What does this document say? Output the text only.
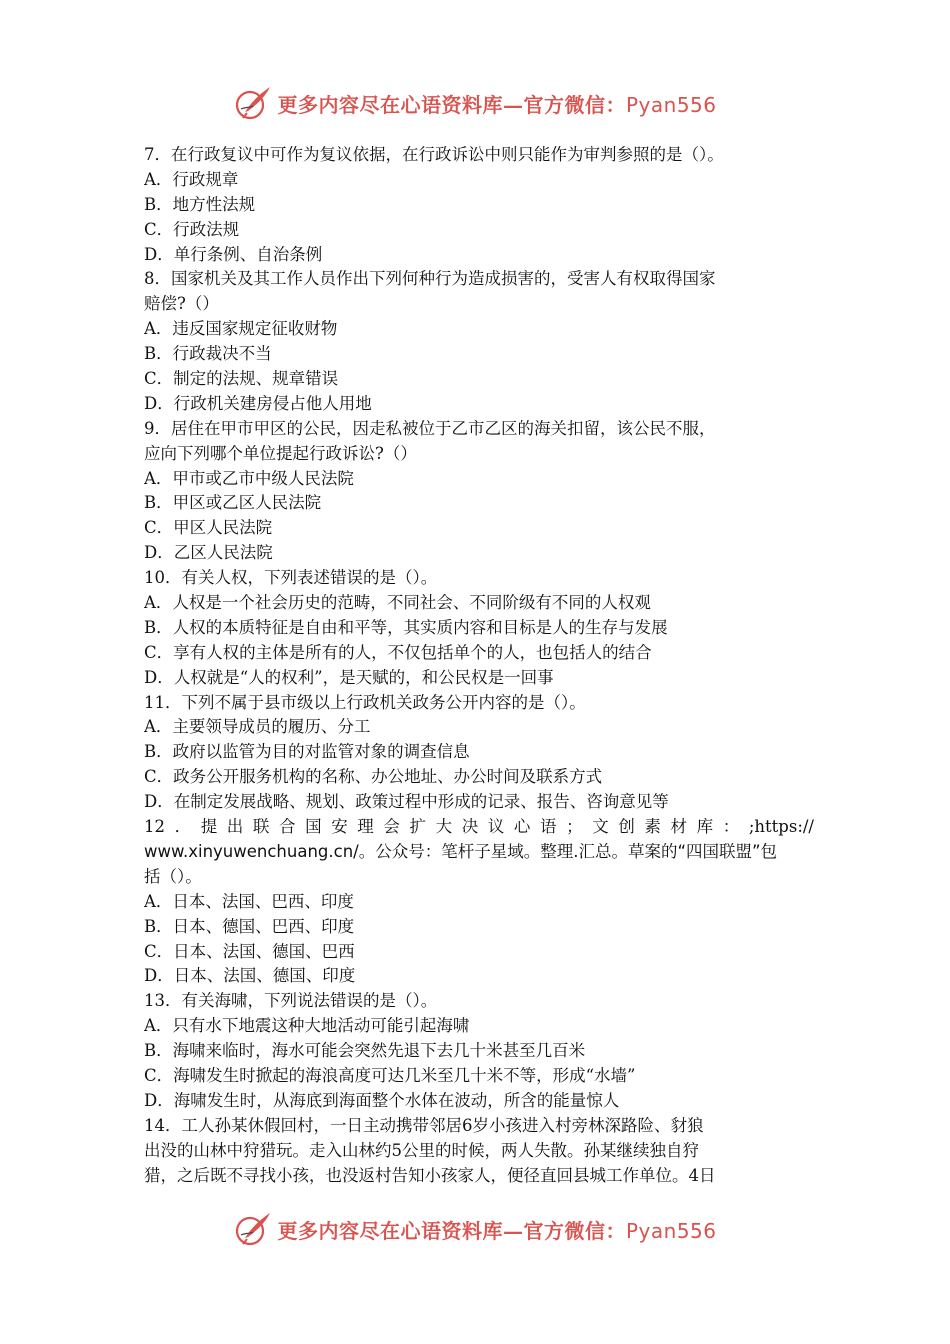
更多内容尽在心语资料库—官方微信：Pyan556
7．在行政复议中可作为复议依据，在行政诉讼中则只能作为审判参照的是（）。
A．行政规章
B．地方性法规
C．行政法规
D．单行条例、自治条例
8．国家机关及其工作人员作出下列何种行为造成损害的，受害人有权取得国家
赔偿?（）
A．违反国家规定征收财物
B．行政裁决不当
C．制定的法规、规章错误
D．行政机关建房侵占他人用地
9．居住在甲市甲区的公民，因走私被位于乙市乙区的海关扣留，该公民不服，
应向下列哪个单位提起行政诉讼?（）
A．甲市或乙市中级人民法院
B．甲区或乙区人民法院
C．甲区人民法院
D．乙区人民法院
10．有关人权，下列表述错误的是（）。
A．人权是一个社会历史的范畴，不同社会、不同阶级有不同的人权观
B．人权的本质特征是自由和平等，其实质内容和目标是人的生存与发展
C．享有人权的主体是所有的人，不仅包括单个的人，也包括人的结合
D．人权就是“人的权利”，是天赋的，和公民权是一回事
11．下列不属于县市级以上行政机关政务公开内容的是（）。
A．主要领导成员的履历、分工
B．政府以监管为目的对监管对象的调查信息
C．政务公开服务机构的名称、办公地址、办公时间及联系方式
D．在制定发展战略、规划、政策过程中形成的记录、报告、咨询意见等
12．提出联合国安理会扩大决议心语；文创素材库：;https://
www.xinyuwenchuang.cn/。公众号：笔杆子星域。整理.汇总。草案的“四国联盟”包
括（）。
A．日本、法国、巴西、印度
B．日本、德国、巴西、印度
C．日本、法国、德国、巴西
D．日本、法国、德国、印度
13．有关海啸，下列说法错误的是（）。
A．只有水下地震这种大地活动可能引起海啸
B．海啸来临时，海水可能会突然先退下去几十米甚至几百米
C．海啸发生时掀起的海浪高度可达几米至几十米不等，形成“水墙”
D．海啸发生时，从海底到海面整个水体在波动，所含的能量惊人
14．工人孙某休假回村，一日主动携带邻居6岁小孩进入村旁林深路险、豺狼
出没的山林中狩猎玩。走入山林约5公里的时候，两人失散。孙某继续独自狩
猎，之后既不寻找小孩，也没返村告知小孩家人，便径直回县城工作单位。4日
更多内容尽在心语资料库—官方微信：Pyan556
